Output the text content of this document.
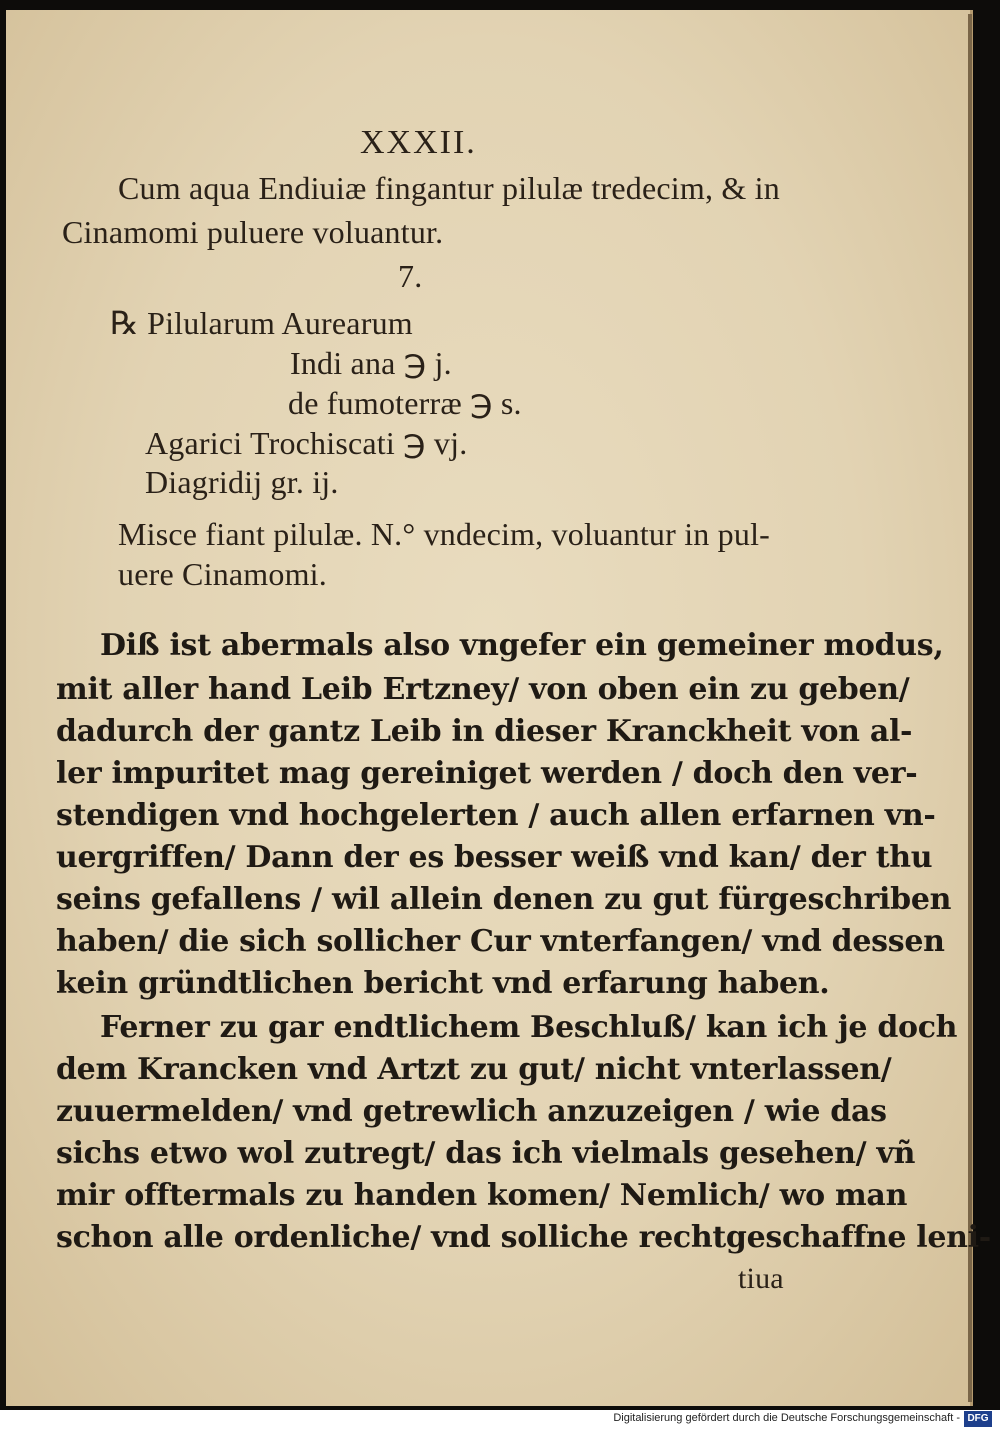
XXXII.
Cum aqua Endiuiæ fingantur pilulæ tredecim, & in
Cinamomi puluere voluantur.
7.
℞ Pilularum Aurearum
Indi ana ℈ j.
de fumoterræ ℈ s.
Agarici Trochiscati ℈ vj.
Diagridij gr. ij.
Misce fiant pilulæ. N.° vndecim, voluantur in pul-
uere Cinamomi.
Diß ist abermals also vngefer ein gemeiner modus,
mit aller hand Leib Ertzney/ von oben ein zu geben/
dadurch der gantz Leib in dieser Kranckheit von al-
ler impuritet mag gereiniget werden / doch den ver-
stendigen vnd hochgelerten / auch allen erfarnen vn-
uergriffen/ Dann der es besser weiß vnd kan/ der thu
seins gefallens / wil allein denen zu gut fürgeschriben
haben/ die sich sollicher Cur vnterfangen/ vnd dessen
kein gründtlichen bericht vnd erfarung haben.
Ferner zu gar endtlichem Beschluß/ kan ich je doch
dem Krancken vnd Artzt zu gut/ nicht vnterlassen/
zuuermelden/ vnd getrewlich anzuzeigen / wie das
sichs etwo wol zutregt/ das ich vielmals gesehen/ vñ
mir offtermals zu handen komen/ Nemlich/ wo man
schon alle ordenliche/ vnd solliche rechtgeschaffne leni-
tiua
Digitalisierung gefördert durch die Deutsche Forschungsgemeinschaft - DFG
